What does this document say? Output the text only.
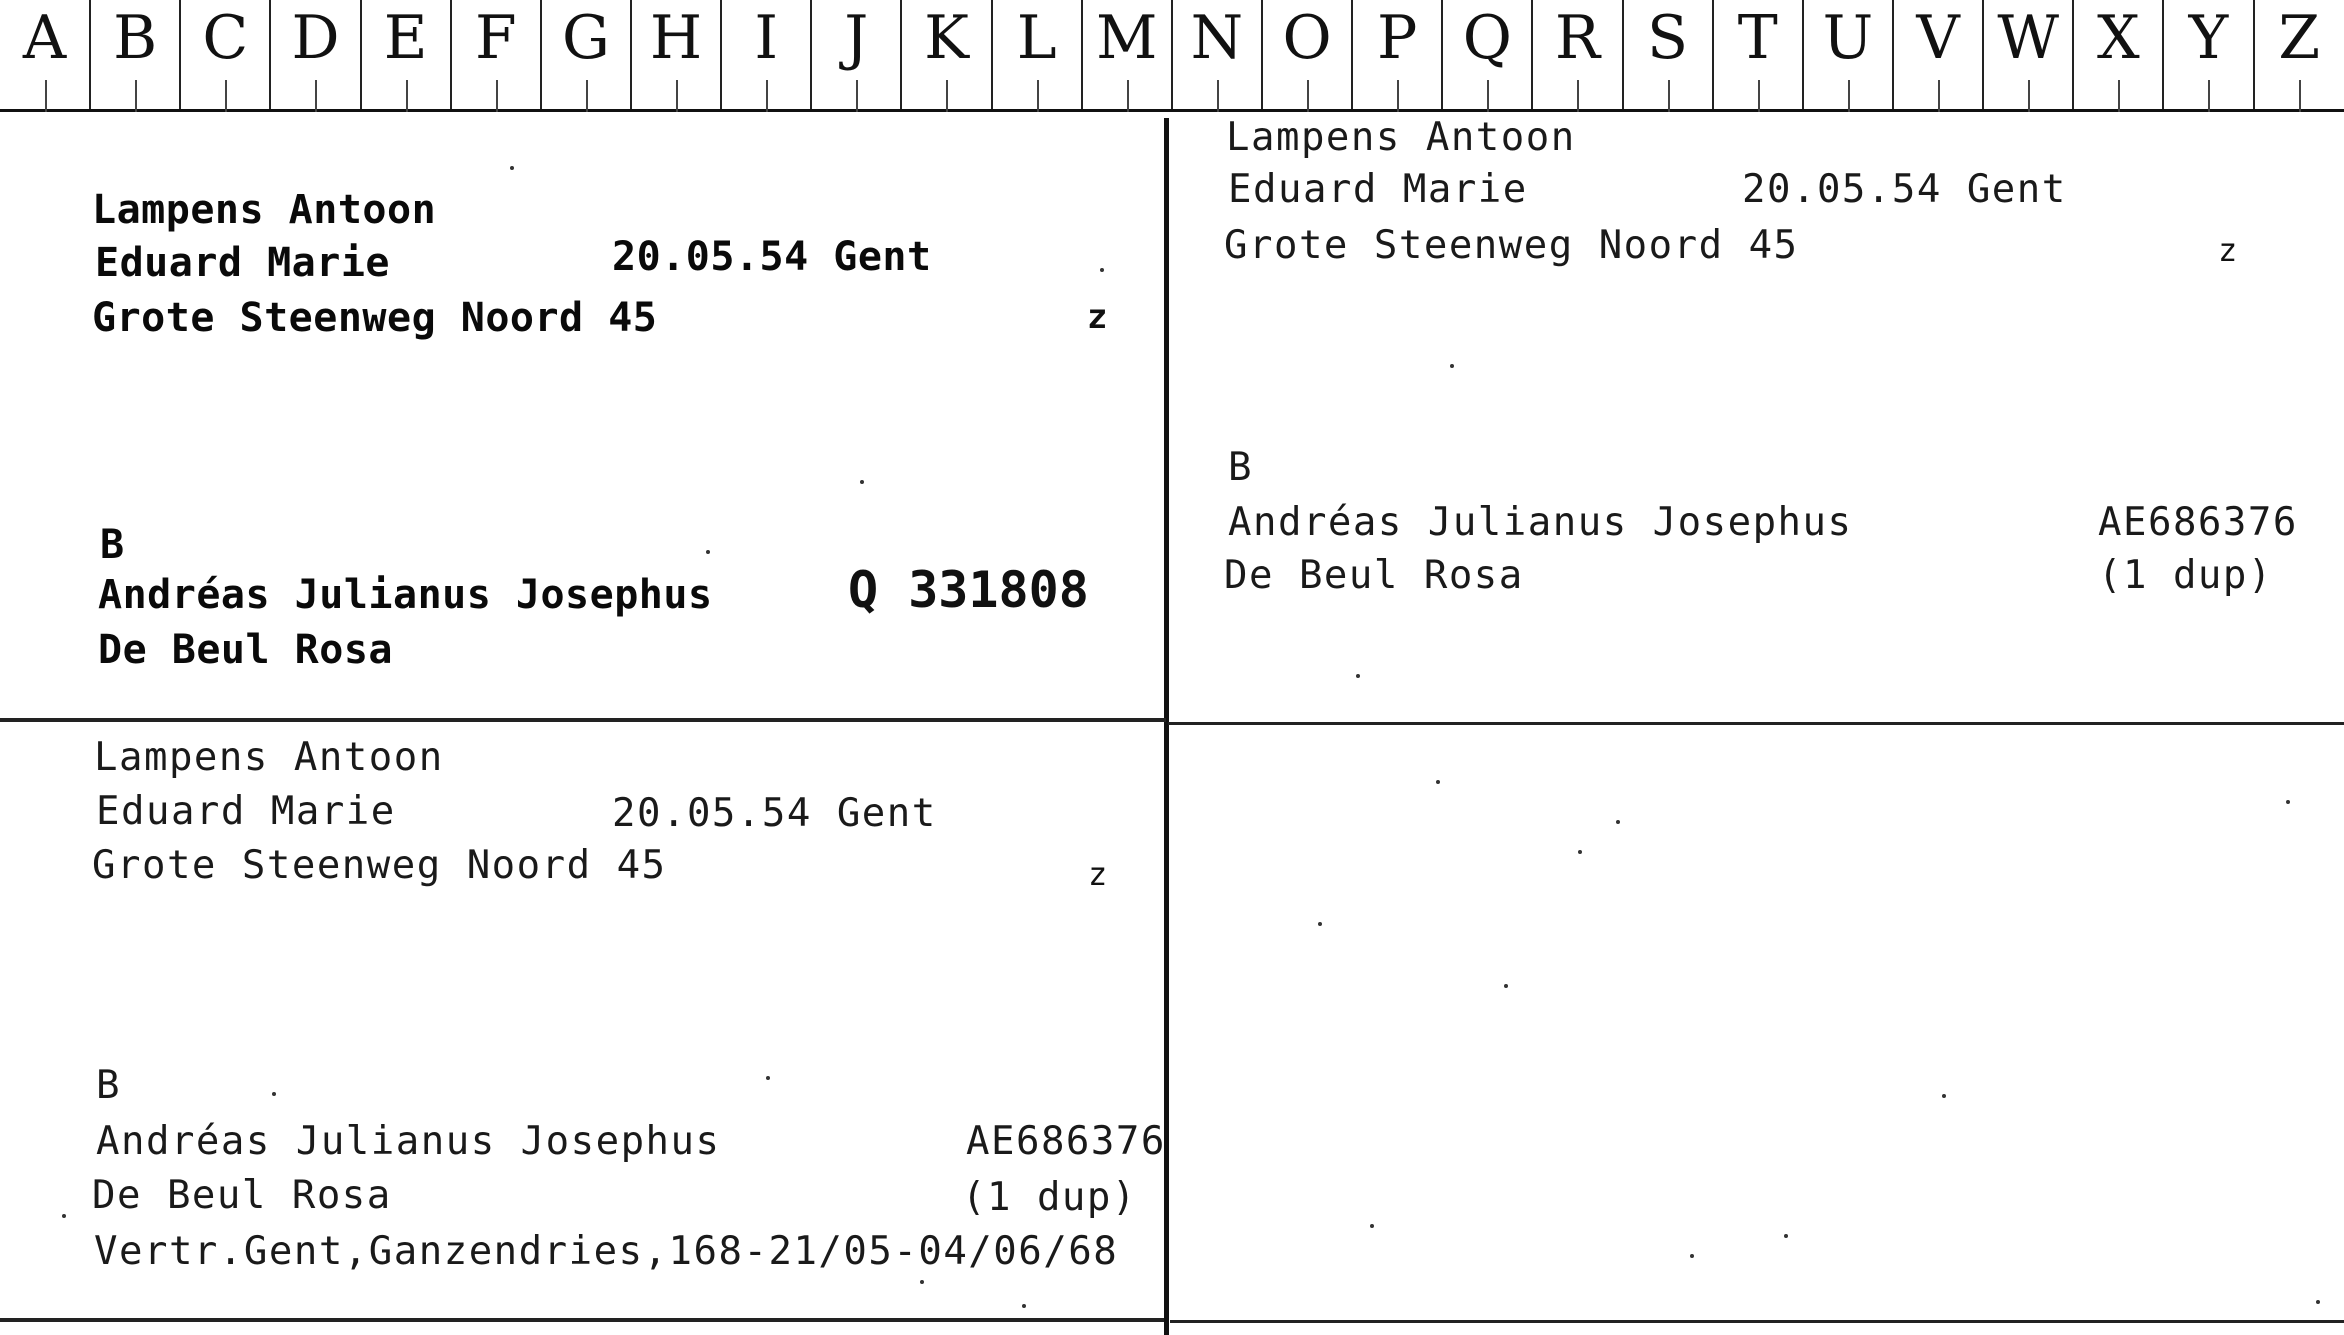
A	B	C	D	E	F	G	H	I	J	K	L	M	N	O	P	Q	R	S	T	U	V	W	X	Y	Z
Lampens Antoon
Eduard Marie	20.05.54 Gent
Grote Steenweg Noord 45	z
B
Andréas Julianus Josephus	Q 331808
De Beul Rosa
Lampens Antoon
Eduard Marie	20.05.54 Gent
Grote Steenweg Noord 45	z
B
Andréas Julianus Josephus	AE686376
De Beul Rosa	(1 dup)
Lampens Antoon
Eduard Marie	20.05.54 Gent
Grote Steenweg Noord 45	z
B
Andréas Julianus Josephus	AE686376
De Beul Rosa	(1 dup)
Vertr.Gent,Ganzendries,168-21/05-04/06/68
